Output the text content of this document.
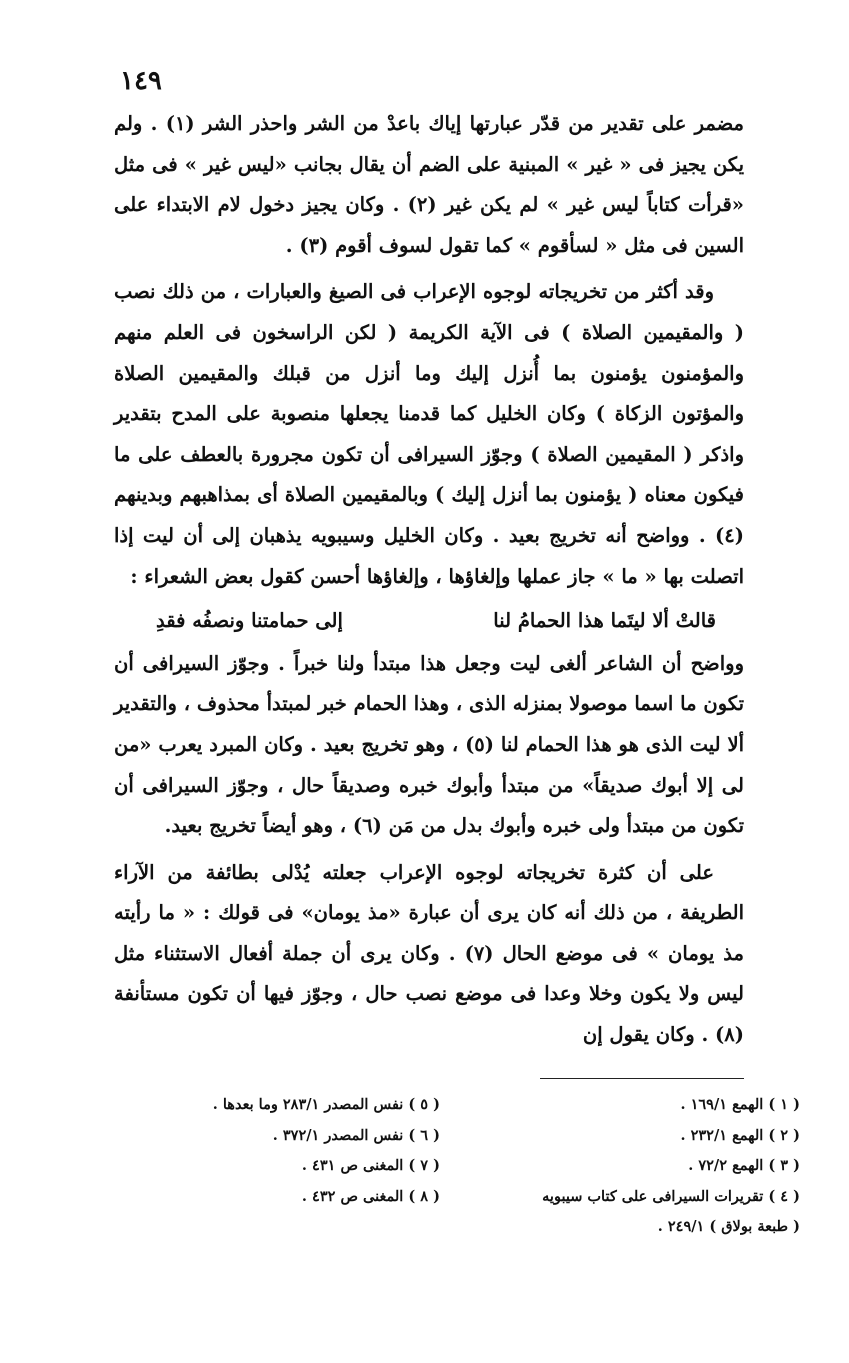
١٤٩

مضمر على تقدير من قدّر عبارتها إياك باعدْ من الشر واحذر الشر (١) . ولم يكن يجيز فى « غير » المبنية على الضم أن يقال بجانب «ليس غير » فى مثل «قرأت كتاباً ليس غير » لم يكن غير (٢) . وكان يجيز دخول لام الابتداء على السين فى مثل « لسأقوم » كما تقول لسوف أقوم (٣) .

وقد أكثر من تخريجاته لوجوه الإعراب فى الصيغ والعبارات ، من ذلك نصب ( والمقيمين الصلاة ) فى الآية الكريمة ( لكن الراسخون فى العلم منهم والمؤمنون يؤمنون بما أُنزل إليك وما أنزل من قبلك والمقيمين الصلاة والمؤتون الزكاة ) وكان الخليل كما قدمنا يجعلها منصوبة على المدح بتقدير واذكر ( المقيمين الصلاة ) وجوّز السيرافى أن تكون مجرورة بالعطف على ما فيكون معناه ( يؤمنون بما أنزل إليك ) وبالمقيمين الصلاة أى بمذاهبهم وبدينهم (٤) . وواضح أنه تخريج بعيد . وكان الخليل وسيبويه يذهبان إلى أن ليت إذا اتصلت بها « ما » جاز عملها وإلغاؤها ، وإلغاؤها أحسن كقول بعض الشعراء :

قالتْ ألا ليتَما هذا الحمامُ لنا
إلى حمامتنا ونصفُه فقدِ

وواضح أن الشاعر ألغى ليت وجعل هذا مبتدأ ولنا خبراً . وجوّز السيرافى أن تكون ما اسما موصولا بمنزله الذى ، وهذا الحمام خبر لمبتدأ محذوف ، والتقدير ألا ليت الذى هو هذا الحمام لنا (٥) ، وهو تخريج بعيد . وكان المبرد يعرب «من لى إلا أبوك صديقاً» من مبتدأ وأبوك خبره وصديقاً حال ، وجوّز السيرافى أن تكون من مبتدأ ولى خبره وأبوك بدل من مَن (٦) ، وهو أيضاً تخريج بعيد.

على أن كثرة تخريجاته لوجوه الإعراب جعلته يُدْلى بطائفة من الآراء الطريفة ، من ذلك أنه كان يرى أن عبارة «مذ يومان» فى قولك : « ما رأيته مذ يومان » فى موضع الحال (٧) . وكان يرى أن جملة أفعال الاستثناء مثل ليس ولا يكون وخلا وعدا فى موضع نصب حال ، وجوّز فيها أن تكون مستأنفة (٨) . وكان يقول إن

( ١ ) الهمع ١٦٩/١ .
( ٢ ) الهمع ٢٣٢/١ .
( ٣ ) الهمع ٧٢/٢ .
( ٤ ) تقريرات السيرافى على كتاب سيبويه
( طبعة بولاق ) ٢٤٩/١ .
( ٥ ) نفس المصدر ٢٨٣/١ وما بعدها .
( ٦ ) نفس المصدر ٣٧٢/١ .
( ٧ ) المغنى ص ٤٣١ .
( ٨ ) المغنى ص ٤٣٢ .
